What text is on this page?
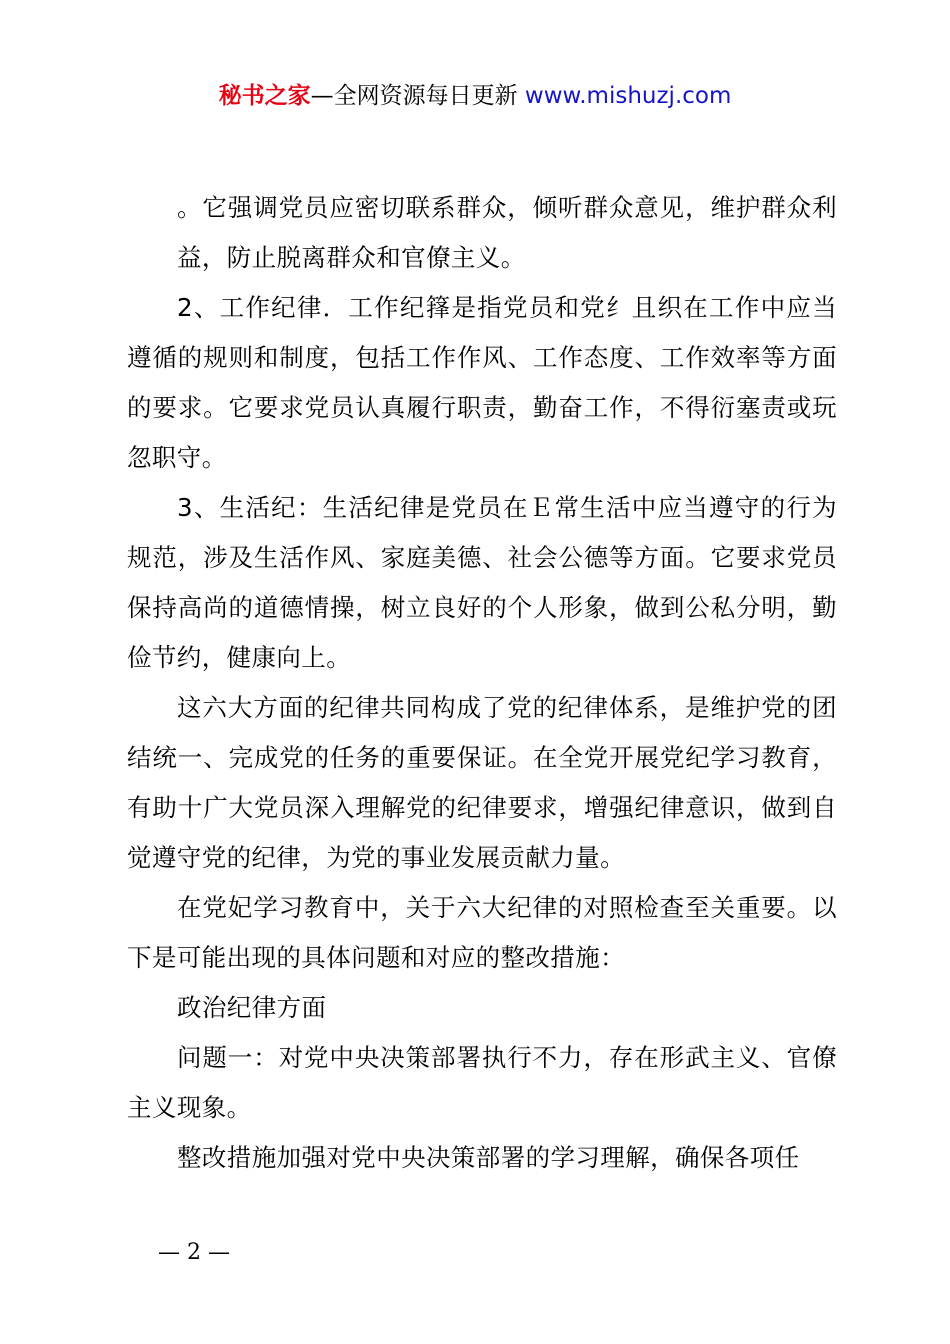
秘书之家—全网资源每日更新 www.mishuzj.com

。它强调党员应密切联系群众，倾听群众意见，维护群众利益，防止脱离群众和官僚主义。

2、工作纪律．工作纪箨是指党员和党纟且织在工作中应当遵循的规则和制度，包括工作作风、工作态度、工作效率等方面的要求。它要求党员认真履行职责，勤奋工作，不得衍塞责或玩忽职守。

3、生活纪：生活纪律是党员在Ｅ常生活中应当遵守的行为规范，涉及生活作风、家庭美德、社会公德等方面。它要求党员保持高尚的道德情操，树立良好的个人形象，做到公私分明，勤俭节约，健康向上。

这六大方面的纪律共同构成了党的纪律体系，是维护党的团结统一、完成党的任务的重要保证。在全党开展党纪学习教育，有助十广大党员深入理解党的纪律要求，增强纪律意识，做到自觉遵守党的纪律，为党的事业发展贡献力量。

在党妃学习教育中，关于六大纪律的对照检查至关重要。以下是可能出现的具体问题和对应的整改措施：

政治纪律方面

问题一：对党中央决策部署执行不力，存在形武主义、官僚主义现象。

整改措施加强对党中央决策部署的学习理解，确保各项任

— 2 —
